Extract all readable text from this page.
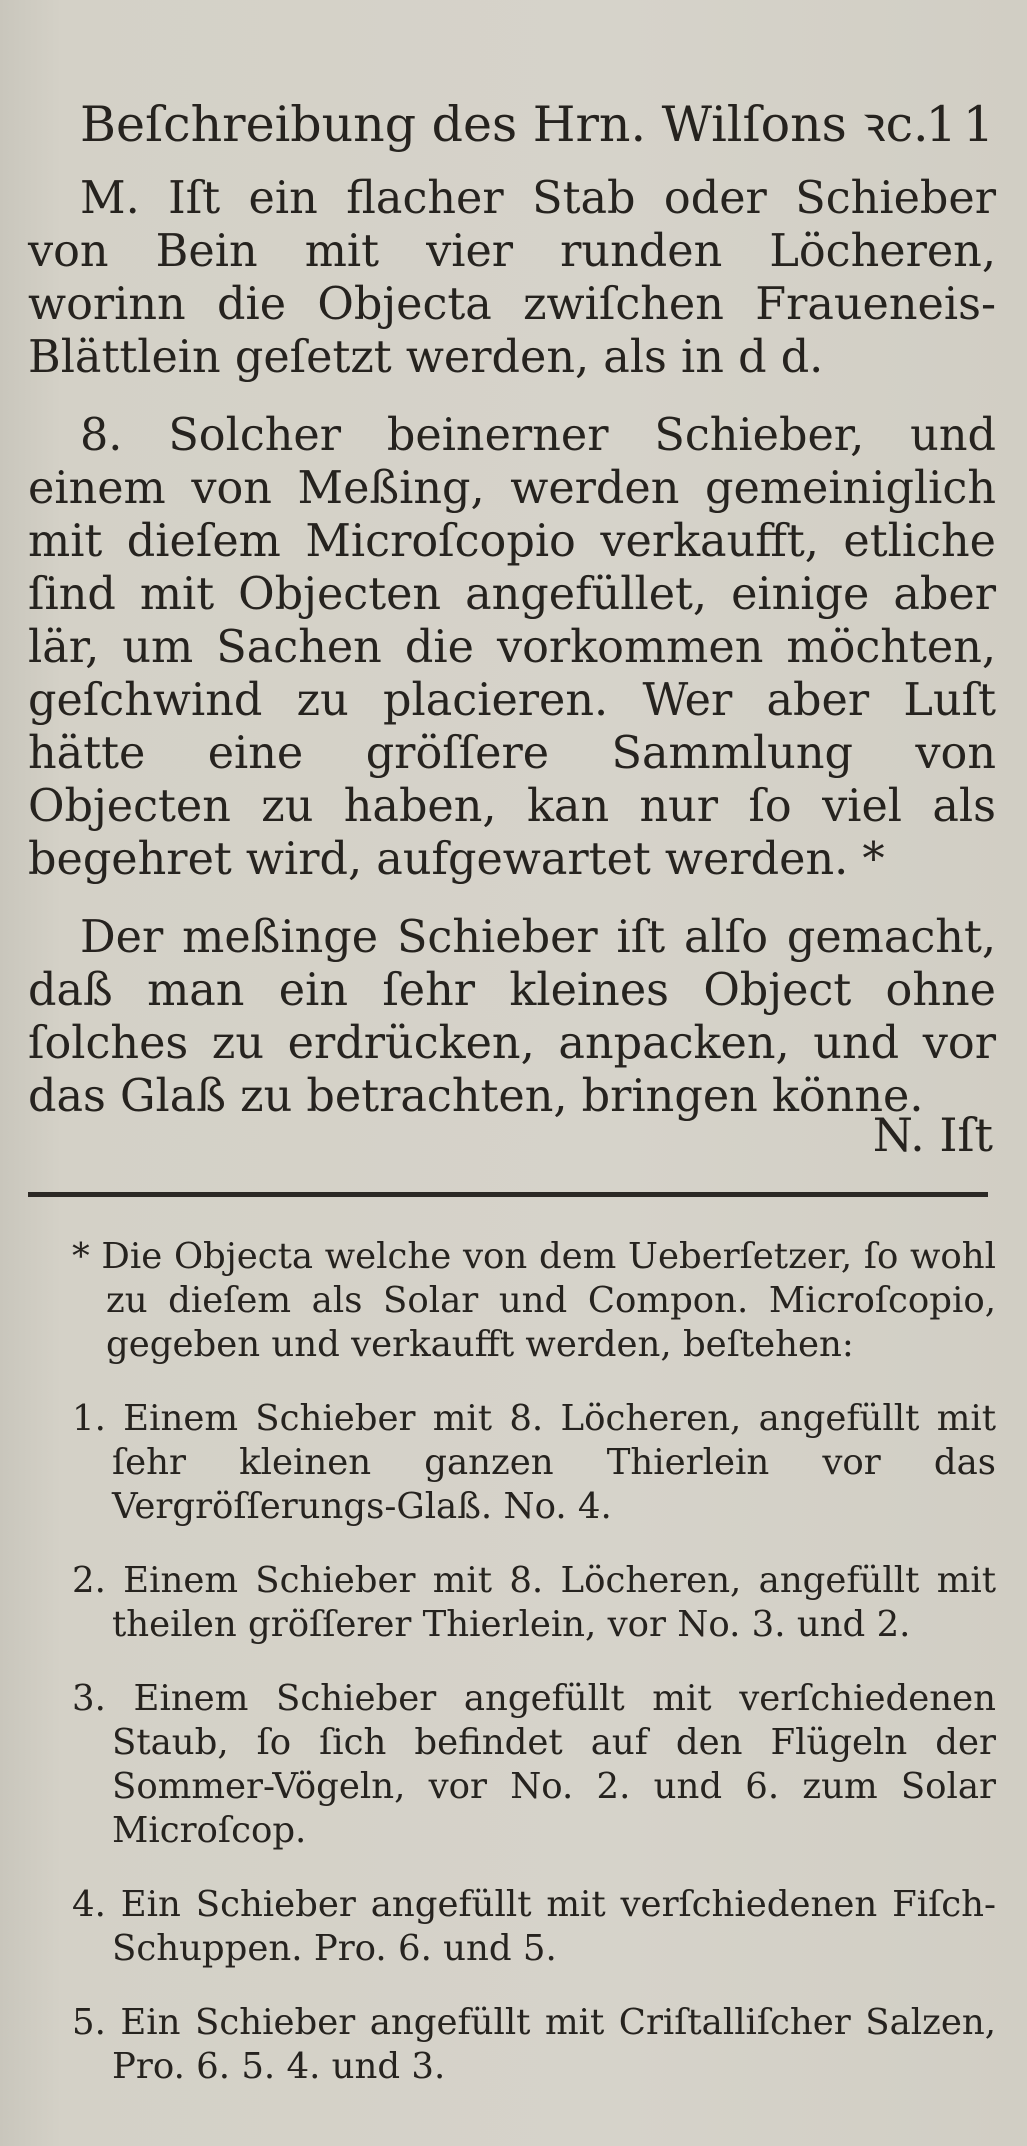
Beſchreibung des Hrn. Wilſons ꝛc.
11

M. Iſt ein flacher Stab oder Schieber von Bein mit vier runden Löcheren, worinn die Objecta zwiſchen Fraueneis-Blättlein geſetzt werden, als in d d.

8. Solcher beinerner Schieber, und einem von Meßing, werden gemeiniglich mit dieſem Microſcopio verkaufft, etliche ſind mit Objecten angefüllet, einige aber lär, um Sachen die vorkommen möchten, geſchwind zu placieren. Wer aber Luſt hätte eine gröſſere Sammlung von Objecten zu haben, kan nur ſo viel als begehret wird, aufgewartet werden. *

Der meßinge Schieber iſt alſo gemacht, daß man ein ſehr kleines Object ohne ſolches zu erdrücken, anpacken, und vor das Glaß zu betrachten, bringen könne.

N. Iſt

* Die Objecta welche von dem Ueberſetzer, ſo wohl zu dieſem als Solar und Compon. Microſcopio, gegeben und verkaufft werden, beſtehen:

1. Einem Schieber mit 8. Löcheren, angefüllt mit ſehr kleinen ganzen Thierlein vor das Vergröſſerungs-Glaß. No. 4.

2. Einem Schieber mit 8. Löcheren, angefüllt mit theilen gröſſerer Thierlein, vor No. 3. und 2.

3. Einem Schieber angefüllt mit verſchiedenen Staub, ſo ſich befindet auf den Flügeln der Sommer-Vögeln, vor No. 2. und 6. zum Solar Microſcop.

4. Ein Schieber angefüllt mit verſchiedenen Fiſch-Schuppen. Pro. 6. und 5.

5. Ein Schieber angefüllt mit Criſtalliſcher Salzen, Pro. 6. 5. 4. und 3.
